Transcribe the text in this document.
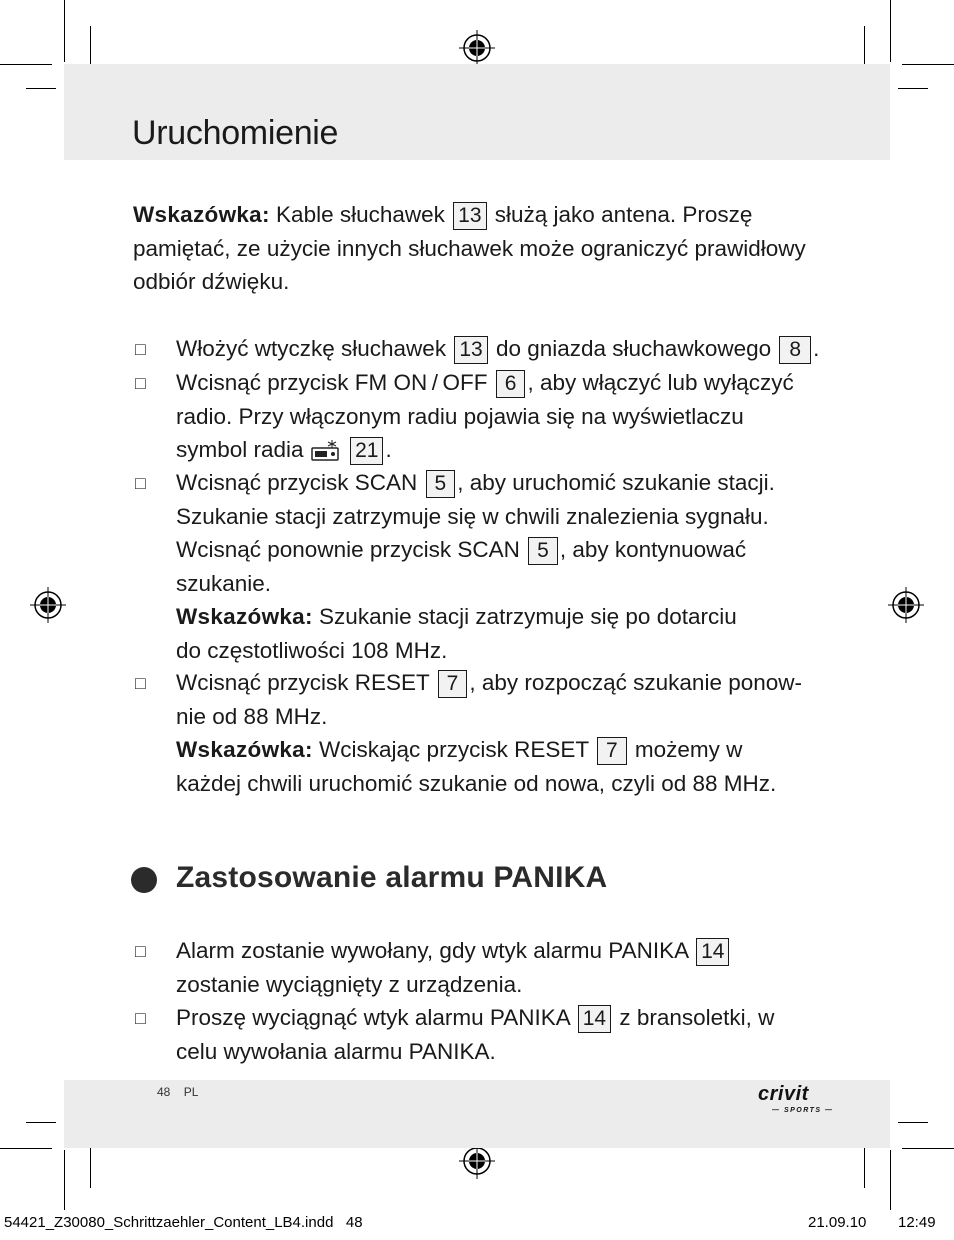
Uruchomienie
Wskazówka: Kable słuchawek 13 służą jako antena. Proszę
pamiętać, ze użycie innych słuchawek może ograniczyć prawidłowy
odbiór dźwięku.
□ Włożyć wtyczkę słuchawek 13 do gniazda słuchawkowego 8 .
□ Wcisnąć przycisk FM ON / OFF 6 , aby włączyć lub wyłączyć
radio. Przy włączonym radiu pojawia się na wyświetlaczu
symbol radia  21 .
□ Wcisnąć przycisk SCAN 5 , aby uruchomić szukanie stacji.
Szukanie stacji zatrzymuje się w chwili znalezienia sygnału.
Wcisnąć ponownie przycisk SCAN 5 , aby kontynuować
szukanie.
Wskazówka: Szukanie stacji zatrzymuje się po dotarciu
do częstotliwości 108 MHz.
□ Wcisnąć przycisk RESET 7 , aby rozpocząć szukanie ponow-
nie od 88 MHz.
Wskazówka: Wciskając przycisk RESET 7 możemy w
każdej chwili uruchomić szukanie od nowa, czyli od 88 MHz.
Zastosowanie alarmu PANIKA
□ Alarm zostanie wywołany, gdy wtyk alarmu PANIKA 14
zostanie wyciągnięty z urządzenia.
□ Proszę wyciągnąć wtyk alarmu PANIKA 14 z bransoletki, w
celu wywołania alarmu PANIKA.
48 PL	crivit
— SPORTS —
54421_Z30080_Schrittzaehler_Content_LB4.indd   48	21.09.10 12:49
